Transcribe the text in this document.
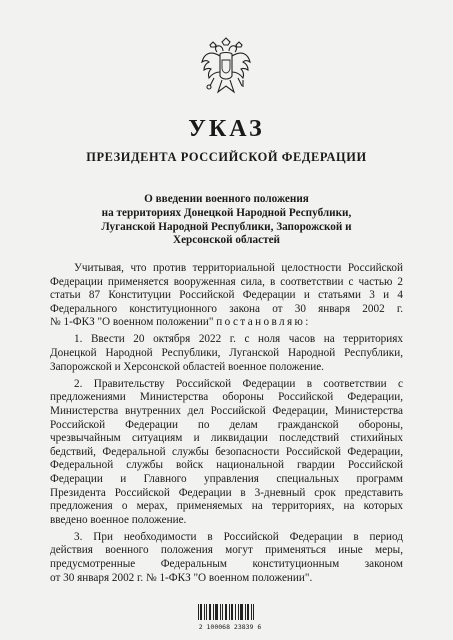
УКАЗ
ПРЕЗИДЕНТА РОССИЙСКОЙ ФЕДЕРАЦИИ
О введении военного положения
на территориях Донецкой Народной Республики,
Луганской Народной Республики, Запорожской и
Херсонской областей
Учитывая, что против территориальной целостности Российской
Федерации применяется вооруженная сила, в соответствии с частью 2
статьи 87 Конституции Российской Федерации и статьями 3 и 4
Федерального конституционного закона от 30 января 2002 г.
№ 1-ФКЗ "О военном положении" постановляю:
1. Ввести 20 октября 2022 г. с ноля часов на территориях
Донецкой Народной Республики, Луганской Народной Республики,
Запорожской и Херсонской областей военное положение.
2. Правительству Российской Федерации в соответствии с
предложениями Министерства обороны Российской Федерации,
Министерства внутренних дел Российской Федерации, Министерства
Российской Федерации по делам гражданской обороны,
чрезвычайным ситуациям и ликвидации последствий стихийных
бедствий, Федеральной службы безопасности Российской Федерации,
Федеральной службы войск национальной гвардии Российской
Федерации и Главного управления специальных программ
Президента Российской Федерации в 3-дневный срок представить
предложения о мерах, применяемых на территориях, на которых
введено военное положение.
3. При необходимости в Российской Федерации в период
действия военного положения могут применяться иные меры,
предусмотренные Федеральным конституционным законом
от 30 января 2002 г. № 1-ФКЗ "О военном положении".
2 100068 23839 6
